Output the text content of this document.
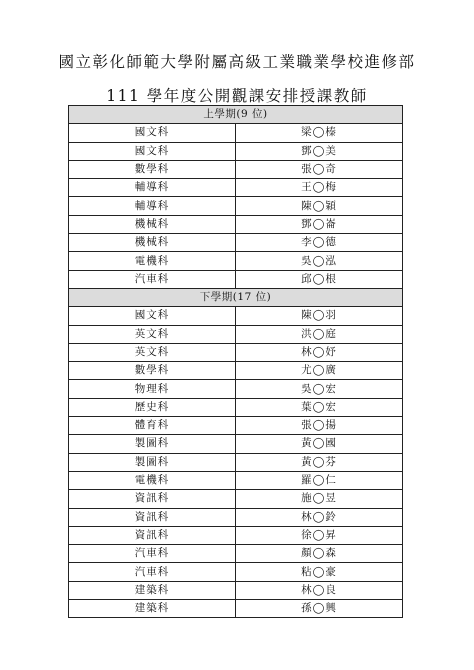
國立彰化師範大學附屬高級工業職業學校進修部
111 學年度公開觀課安排授課教師
上學期(9 位)	
國文科	梁◯榛
國文科	鄧◯美
數學科	張◯奇
輔導科	王◯梅
輔導科	陳◯穎
機械科	鄧◯崙
機械科	李◯德
電機科	吳◯泓
汽車科	邱◯根
下學期(17 位)	
國文科	陳◯羽
英文科	洪◯庭
英文科	林◯妤
數學科	尤◯廣
物理科	吳◯宏
歷史科	葉◯宏
體育科	張◯揚
製圖科	黃◯國
製圖科	黃◯芬
電機科	羅◯仁
資訊科	施◯昱
資訊科	林◯鈴
資訊科	徐◯昇
汽車科	顏◯森
汽車科	粘◯豪
建築科	林◯良
建築科	孫◯興
